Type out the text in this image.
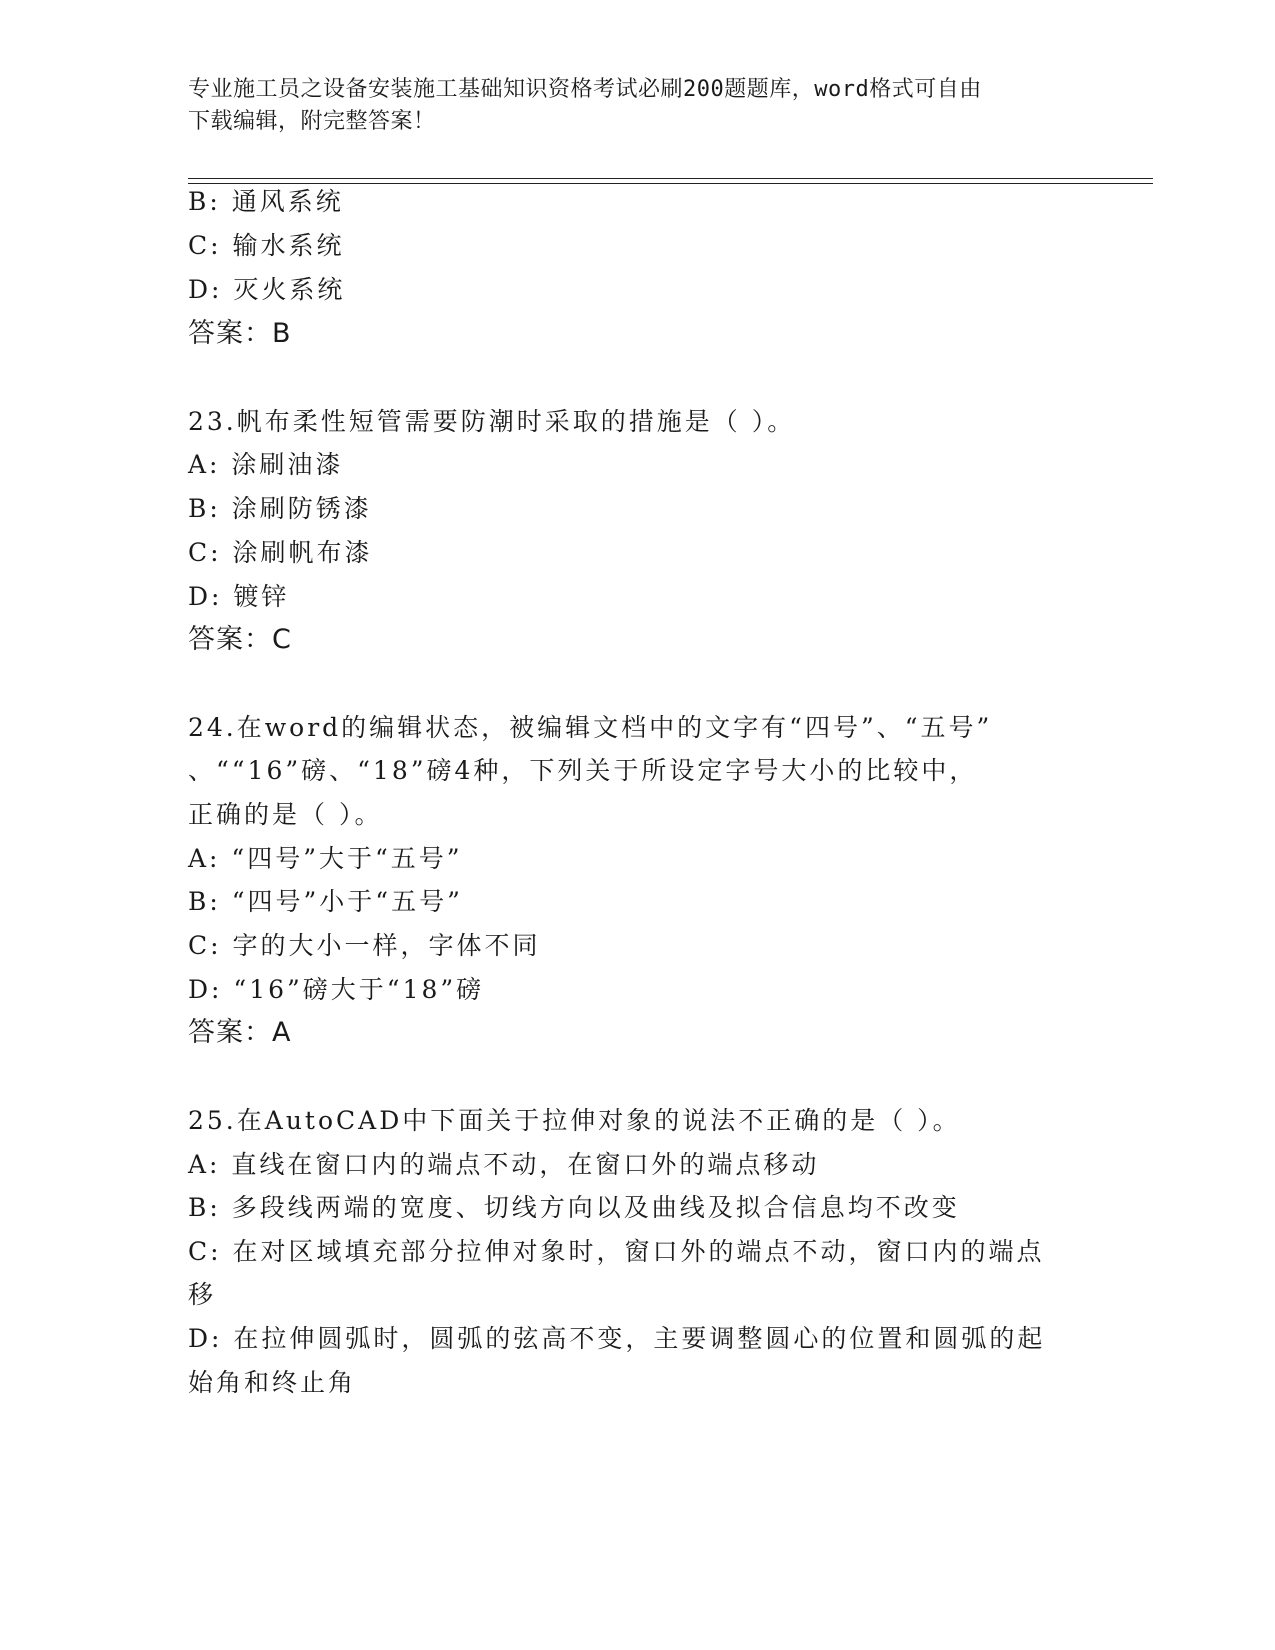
专业施工员之设备安装施工基础知识资格考试必刷200题题库，word格式可自由
下载编辑，附完整答案！
B: 通风系统
C: 输水系统
D: 灭火系统
答案：B
23.帆布柔性短管需要防潮时采取的措施是（ ）。
A: 涂刷油漆
B: 涂刷防锈漆
C: 涂刷帆布漆
D: 镀锌
答案：C
24.在word的编辑状态，被编辑文档中的文字有“四号”、“五号”
、““16”磅、“18”磅4种，下列关于所设定字号大小的比较中，
正确的是（ ）。
A: “四号”大于“五号”
B: “四号”小于“五号”
C: 字的大小一样，字体不同
D: “16”磅大于“18”磅
答案：A
25.在AutoCAD中下面关于拉伸对象的说法不正确的是（ ）。
A: 直线在窗口内的端点不动，在窗口外的端点移动
B: 多段线两端的宽度、切线方向以及曲线及拟合信息均不改变
C: 在对区域填充部分拉伸对象时，窗口外的端点不动，窗口内的端点
移
D: 在拉伸圆弧时，圆弧的弦高不变，主要调整圆心的位置和圆弧的起
始角和终止角
